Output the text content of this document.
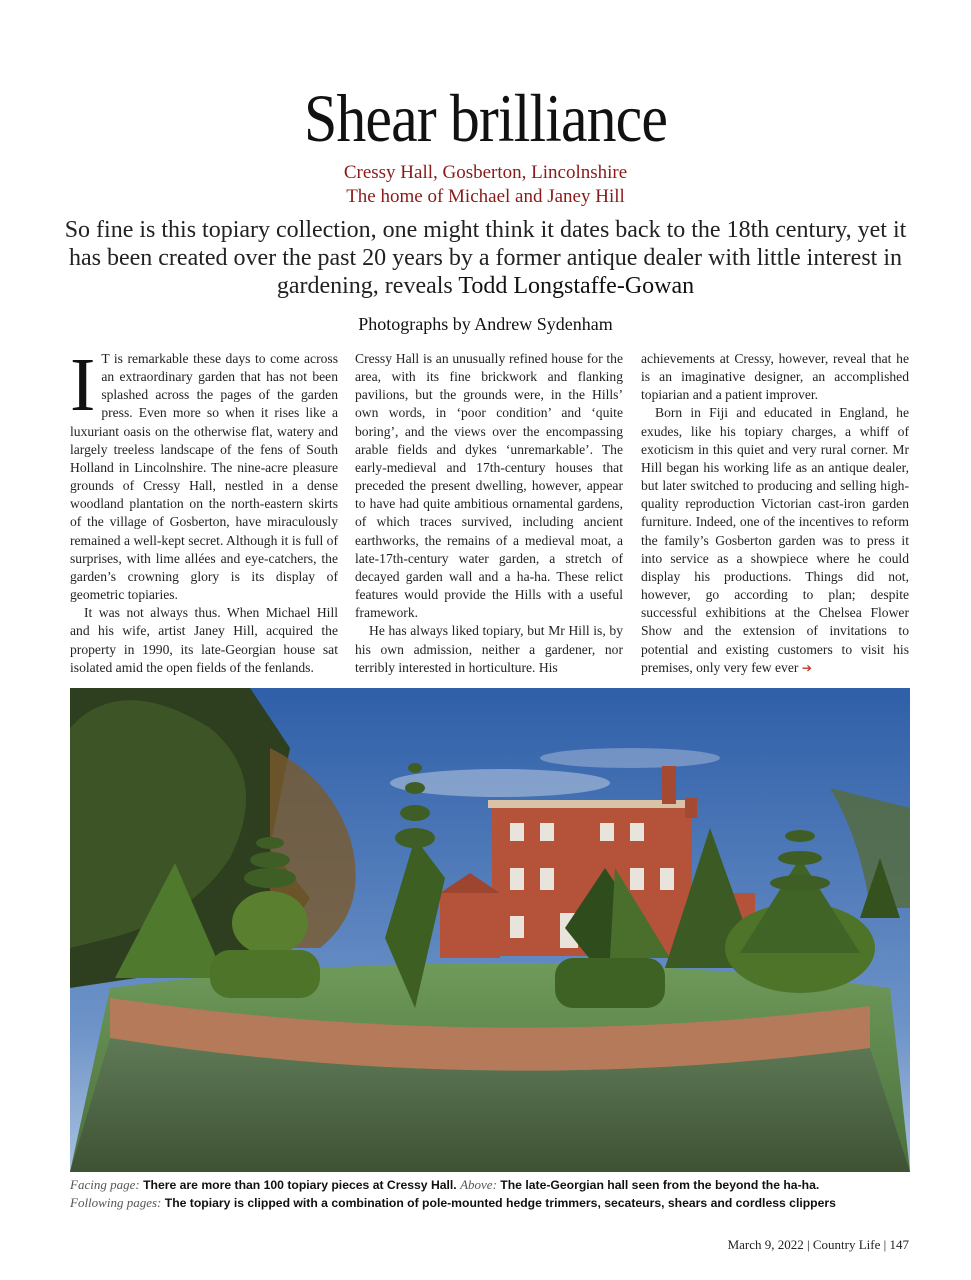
Shear brilliance
Cressy Hall, Gosberton, Lincolnshire
The home of Michael and Janey Hill
So fine is this topiary collection, one might think it dates back to the 18th century, yet it has been created over the past 20 years by a former antique dealer with little interest in gardening, reveals Todd Longstaffe-Gowan
Photographs by Andrew Sydenham

I T is remarkable these days to come across an extraordinary garden that has not been splashed across the pages of the garden press. Even more so when it rises like a luxuriant oasis on the otherwise flat, watery and largely treeless landscape of the fens of South Holland in Lincolnshire. The nine-acre pleasure grounds of Cressy Hall, nestled in a dense woodland plantation on the north-eastern skirts of the village of Gosberton, have miraculously remained a well-kept secret. Although it is full of surprises, with lime allées and eye-catchers, the garden’s crowning glory is its display of geometric topiaries.

It was not always thus. When Michael Hill and his wife, artist Janey Hill, acquired the property in 1990, its late-Georgian house sat isolated amid the open fields of the fenlands.

Cressy Hall is an unusually refined house for the area, with its fine brickwork and flanking pavilions, but the grounds were, in the Hills’ own words, in ‘poor condition’ and ‘quite boring’, and the views over the encompassing arable fields and dykes ‘unremarkable’. The early-medieval and 17th-century houses that preceded the present dwelling, however, appear to have had quite ambitious ornamental gardens, of which traces survived, including ancient earthworks, the remains of a medieval moat, a late-17th-century water garden, a stretch of decayed garden wall and a ha-ha. These relict features would provide the Hills with a useful framework.

He has always liked topiary, but Mr Hill is, by his own admission, neither a gardener, nor terribly interested in horticulture. His

achievements at Cressy, however, reveal that he is an imaginative designer, an accomplished topiarian and a patient improver.

Born in Fiji and educated in England, he exudes, like his topiary charges, a whiff of exoticism in this quiet and very rural corner. Mr Hill began his working life as an antique dealer, but later switched to producing and selling high-quality reproduction Victorian cast-iron garden furniture. Indeed, one of the incentives to reform the family’s Gosberton garden was to press it into service as a showpiece where he could display his productions. Things did not, however, go according to plan; despite successful exhibitions at the Chelsea Flower Show and the extension of invitations to potential and existing customers to visit his premises, only very few ever ➔

Facing page: There are more than 100 topiary pieces at Cressy Hall. Above: The late-Georgian hall seen from the beyond the ha-ha.
Following pages: The topiary is clipped with a combination of pole-mounted hedge trimmers, secateurs, shears and cordless clippers
March 9, 2022 | Country Life | 147
